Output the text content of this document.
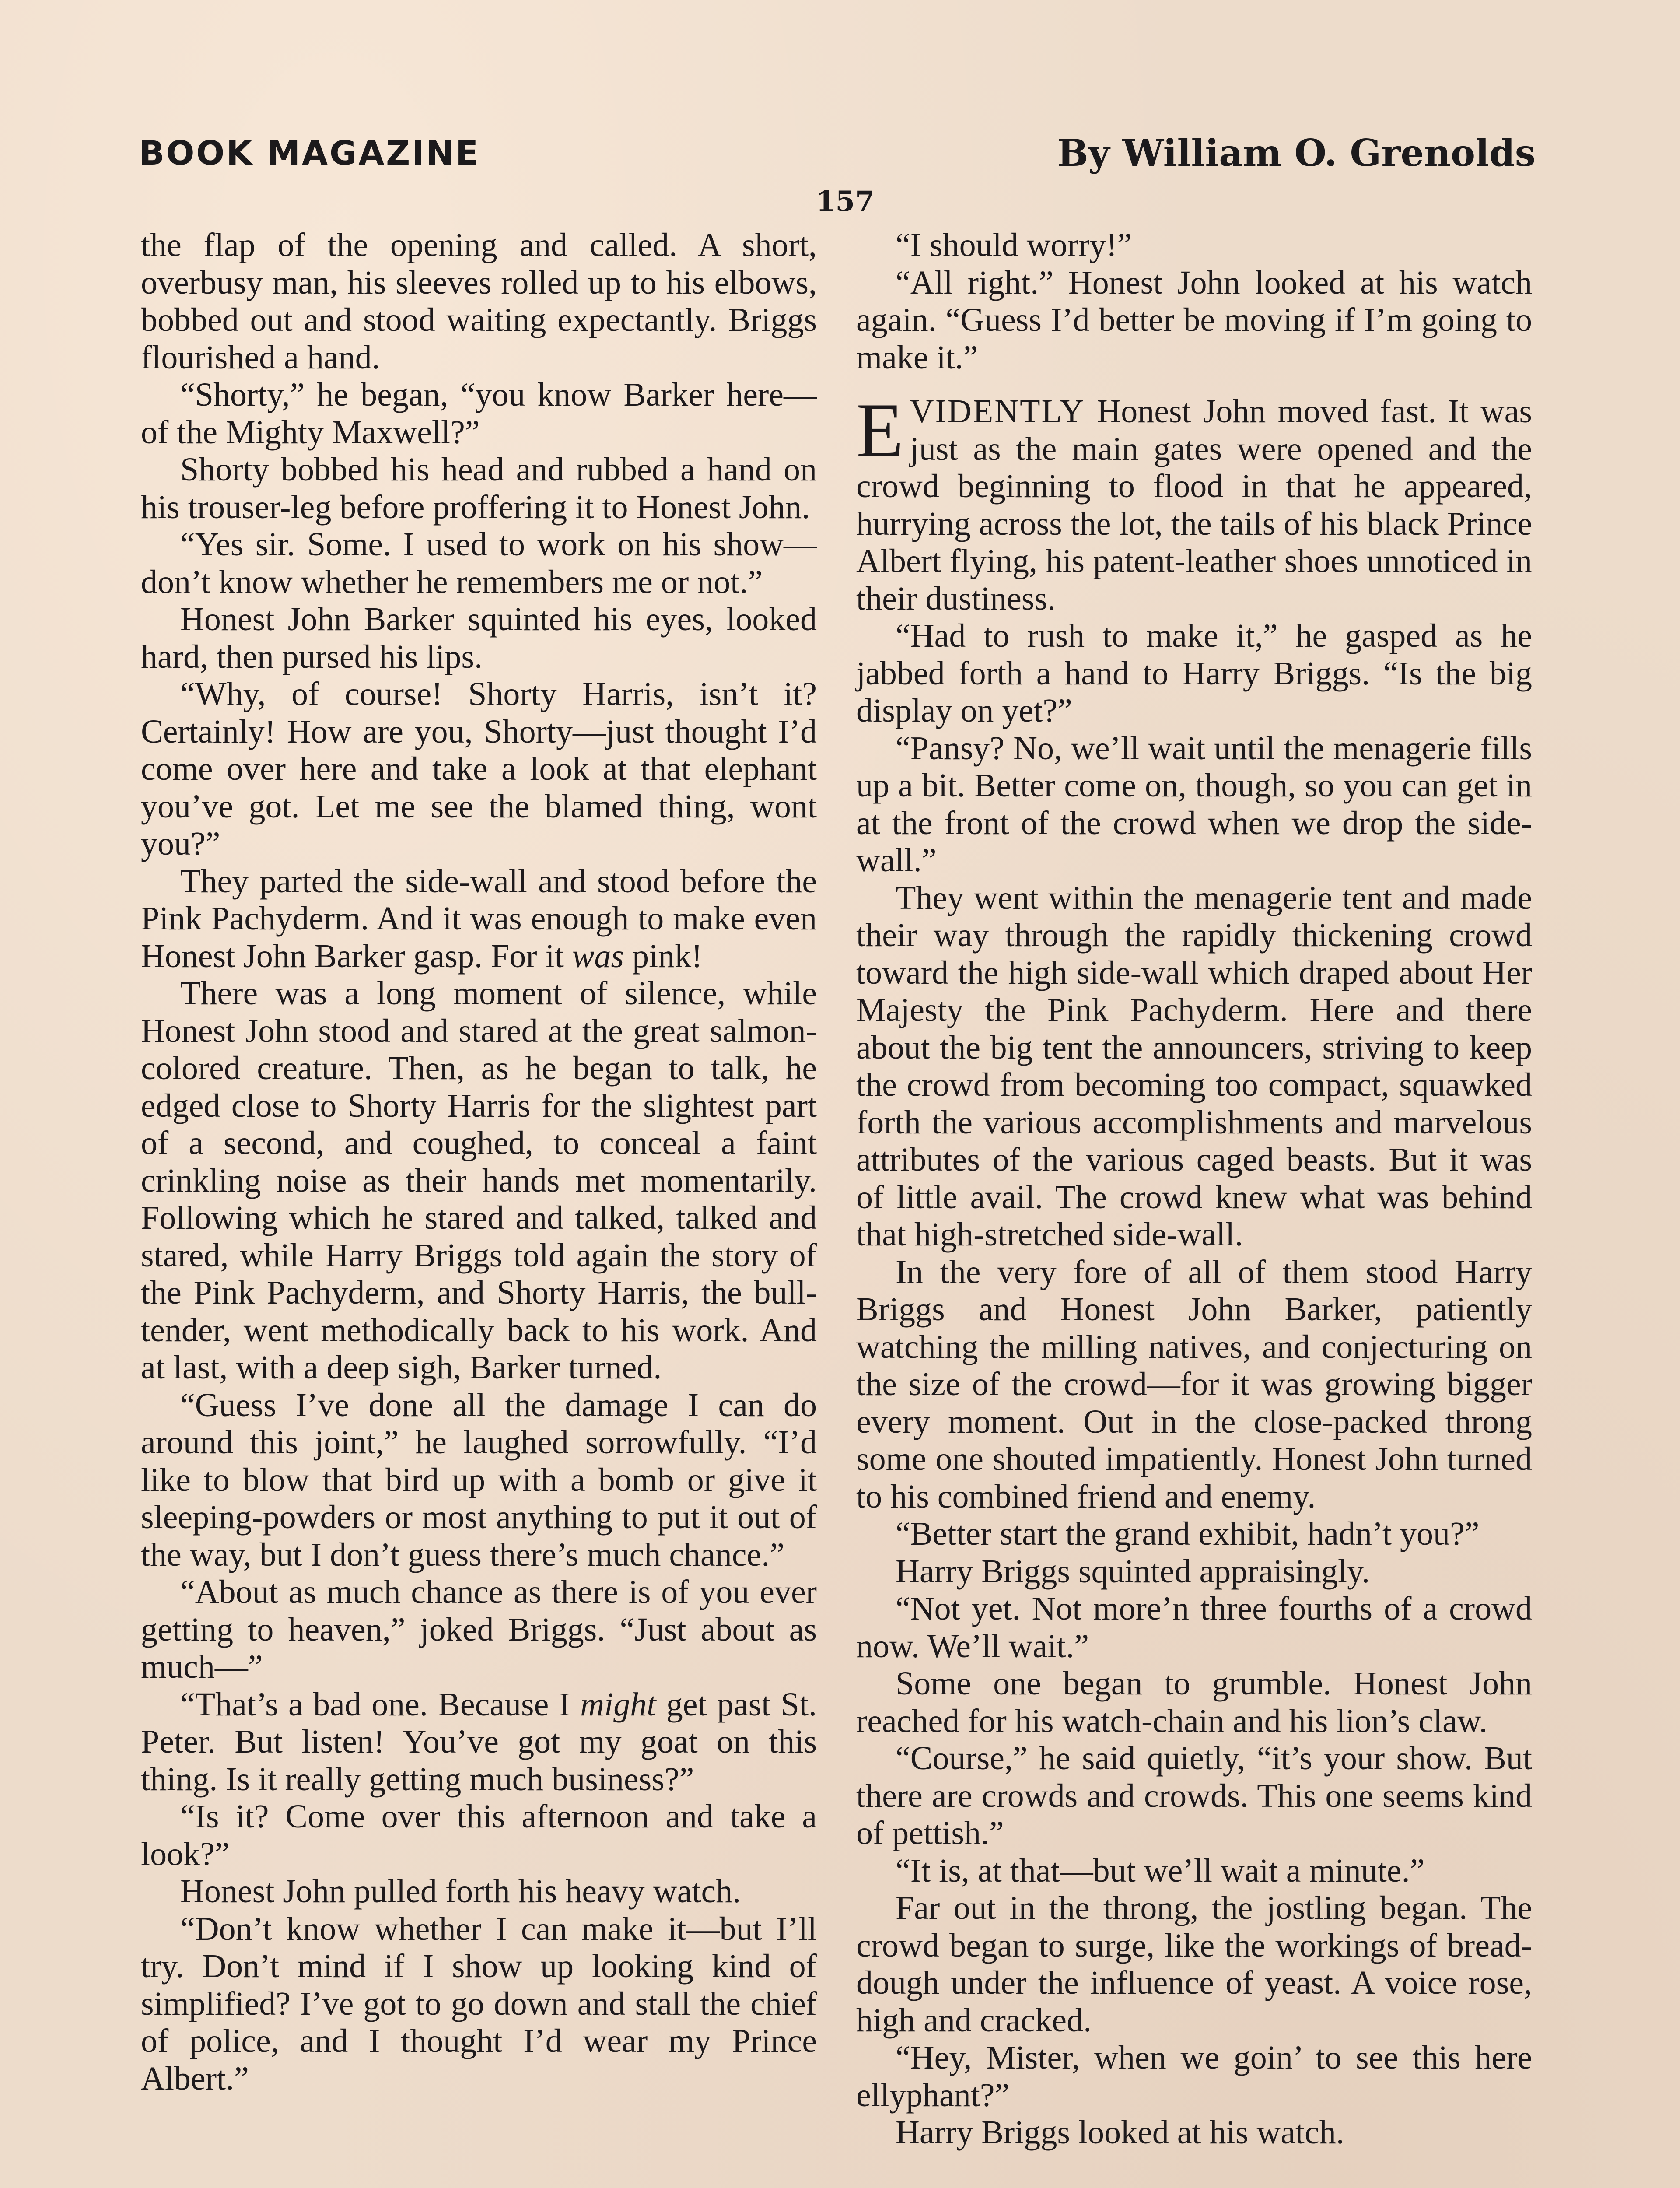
BOOK MAGAZINE	By William O. Grenolds
157

the flap of the opening and called. A short, overbusy man, his sleeves rolled up to his elbows, bobbed out and stood waiting expectantly. Briggs flourished a hand.

“Shorty,” he began, “you know Barker here—of the Mighty Maxwell?”

Shorty bobbed his head and rubbed a hand on his trouser-leg before proffering it to Honest John.

“Yes sir. Some. I used to work on his show—don’t know whether he remembers me or not.”

Honest John Barker squinted his eyes, looked hard, then pursed his lips.

“Why, of course! Shorty Harris, isn’t it? Certainly! How are you, Shorty—just thought I’d come over here and take a look at that elephant you’ve got. Let me see the blamed thing, wont you?”

They parted the side-wall and stood before the Pink Pachyderm. And it was enough to make even Honest John Barker gasp. For it was pink!

There was a long moment of silence, while Honest John stood and stared at the great salmon-colored creature. Then, as he began to talk, he edged close to Shorty Harris for the slightest part of a second, and coughed, to conceal a faint crinkling noise as their hands met momentarily. Following which he stared and talked, talked and stared, while Harry Briggs told again the story of the Pink Pachyderm, and Shorty Harris, the bull-tender, went methodically back to his work. And at last, with a deep sigh, Barker turned.

“Guess I’ve done all the damage I can do around this joint,” he laughed sorrowfully. “I’d like to blow that bird up with a bomb or give it sleeping-powders or most anything to put it out of the way, but I don’t guess there’s much chance.”

“About as much chance as there is of you ever getting to heaven,” joked Briggs. “Just about as much—”

“That’s a bad one. Because I might get past St. Peter. But listen! You’ve got my goat on this thing. Is it really getting much business?”

“Is it? Come over this afternoon and take a look?”

Honest John pulled forth his heavy watch.

“Don’t know whether I can make it—but I’ll try. Don’t mind if I show up looking kind of simplified? I’ve got to go down and stall the chief of police, and I thought I’d wear my Prince Albert.”

“I should worry!”

“All right.” Honest John looked at his watch again. “Guess I’d better be moving if I’m going to make it.”

EVIDENTLY Honest John moved fast. It was just as the main gates were opened and the crowd beginning to flood in that he appeared, hurrying across the lot, the tails of his black Prince Albert flying, his patent-leather shoes unnoticed in their dustiness.

“Had to rush to make it,” he gasped as he jabbed forth a hand to Harry Briggs. “Is the big display on yet?”

“Pansy? No, we’ll wait until the menagerie fills up a bit. Better come on, though, so you can get in at the front of the crowd when we drop the side-wall.”

They went within the menagerie tent and made their way through the rapidly thickening crowd toward the high side-wall which draped about Her Majesty the Pink Pachyderm. Here and there about the big tent the announcers, striving to keep the crowd from becoming too compact, squawked forth the various accomplishments and marvelous attributes of the various caged beasts. But it was of little avail. The crowd knew what was behind that high-stretched side-wall.

In the very fore of all of them stood Harry Briggs and Honest John Barker, patiently watching the milling natives, and conjecturing on the size of the crowd—for it was growing bigger every moment. Out in the close-packed throng some one shouted impatiently. Honest John turned to his combined friend and enemy.

“Better start the grand exhibit, hadn’t you?”

Harry Briggs squinted appraisingly.

“Not yet. Not more’n three fourths of a crowd now. We’ll wait.”

Some one began to grumble. Honest John reached for his watch-chain and his lion’s claw.

“Course,” he said quietly, “it’s your show. But there are crowds and crowds. This one seems kind of pettish.”

“It is, at that—but we’ll wait a minute.”

Far out in the throng, the jostling began. The crowd began to surge, like the workings of bread-dough under the influence of yeast. A voice rose, high and cracked.

“Hey, Mister, when we goin’ to see this here ellyphant?”

Harry Briggs looked at his watch.
